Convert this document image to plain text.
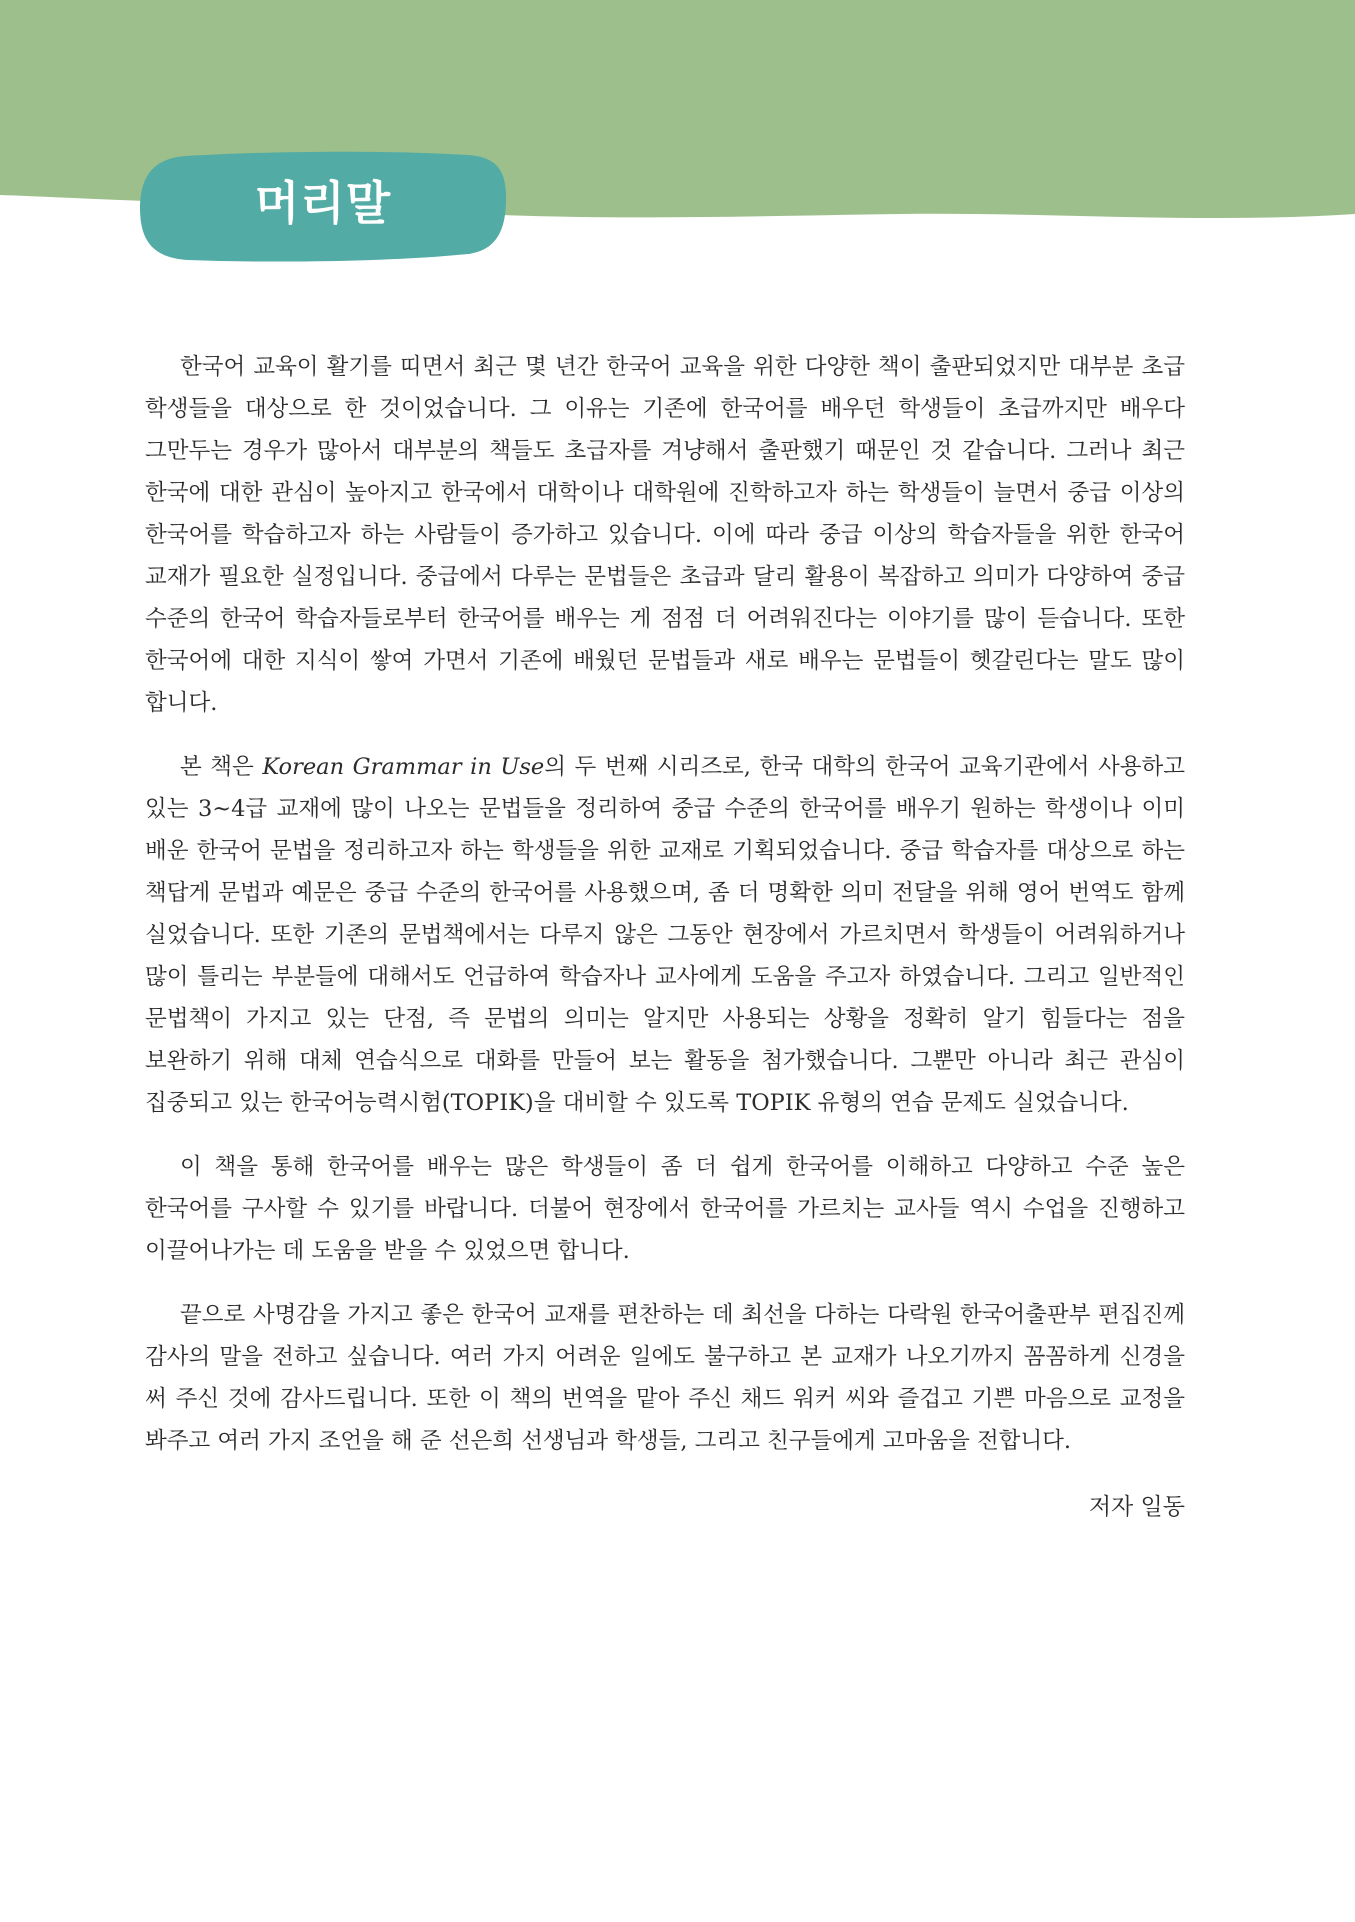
머리말

한국어 교육이 활기를 띠면서 최근 몇 년간 한국어 교육을 위한 다양한 책이 출판되었지만 대부분 초급 학생들을 대상으로 한 것이었습니다. 그 이유는 기존에 한국어를 배우던 학생들이 초급까지만 배우다 그만두는 경우가 많아서 대부분의 책들도 초급자를 겨냥해서 출판했기 때문인 것 같습니다. 그러나 최근 한국에 대한 관심이 높아지고 한국에서 대학이나 대학원에 진학하고자 하는 학생들이 늘면서 중급 이상의 한국어를 학습하고자 하는 사람들이 증가하고 있습니다. 이에 따라 중급 이상의 학습자들을 위한 한국어 교재가 필요한 실정입니다. 중급에서 다루는 문법들은 초급과 달리 활용이 복잡하고 의미가 다양하여 중급 수준의 한국어 학습자들로부터 한국어를 배우는 게 점점 더 어려워진다는 이야기를 많이 듣습니다. 또한 한국어에 대한 지식이 쌓여 가면서 기존에 배웠던 문법들과 새로 배우는 문법들이 헷갈린다는 말도 많이 합니다.

본 책은 Korean Grammar in Use의 두 번째 시리즈로, 한국 대학의 한국어 교육기관에서 사용하고 있는 3~4급 교재에 많이 나오는 문법들을 정리하여 중급 수준의 한국어를 배우기 원하는 학생이나 이미 배운 한국어 문법을 정리하고자 하는 학생들을 위한 교재로 기획되었습니다. 중급 학습자를 대상으로 하는 책답게 문법과 예문은 중급 수준의 한국어를 사용했으며, 좀 더 명확한 의미 전달을 위해 영어 번역도 함께 실었습니다. 또한 기존의 문법책에서는 다루지 않은 그동안 현장에서 가르치면서 학생들이 어려워하거나 많이 틀리는 부분들에 대해서도 언급하여 학습자나 교사에게 도움을 주고자 하였습니다. 그리고 일반적인 문법책이 가지고 있는 단점, 즉 문법의 의미는 알지만 사용되는 상황을 정확히 알기 힘들다는 점을 보완하기 위해 대체 연습식으로 대화를 만들어 보는 활동을 첨가했습니다. 그뿐만 아니라 최근 관심이 집중되고 있는 한국어능력시험(TOPIK)을 대비할 수 있도록 TOPIK 유형의 연습 문제도 실었습니다.

이 책을 통해 한국어를 배우는 많은 학생들이 좀 더 쉽게 한국어를 이해하고 다양하고 수준 높은 한국어를 구사할 수 있기를 바랍니다. 더불어 현장에서 한국어를 가르치는 교사들 역시 수업을 진행하고 이끌어나가는 데 도움을 받을 수 있었으면 합니다.

끝으로 사명감을 가지고 좋은 한국어 교재를 편찬하는 데 최선을 다하는 다락원 한국어출판부 편집진께 감사의 말을 전하고 싶습니다. 여러 가지 어려운 일에도 불구하고 본 교재가 나오기까지 꼼꼼하게 신경을 써 주신 것에 감사드립니다. 또한 이 책의 번역을 맡아 주신 채드 워커 씨와 즐겁고 기쁜 마음으로 교정을 봐주고 여러 가지 조언을 해 준 선은희 선생님과 학생들, 그리고 친구들에게 고마움을 전합니다.

저자 일동
